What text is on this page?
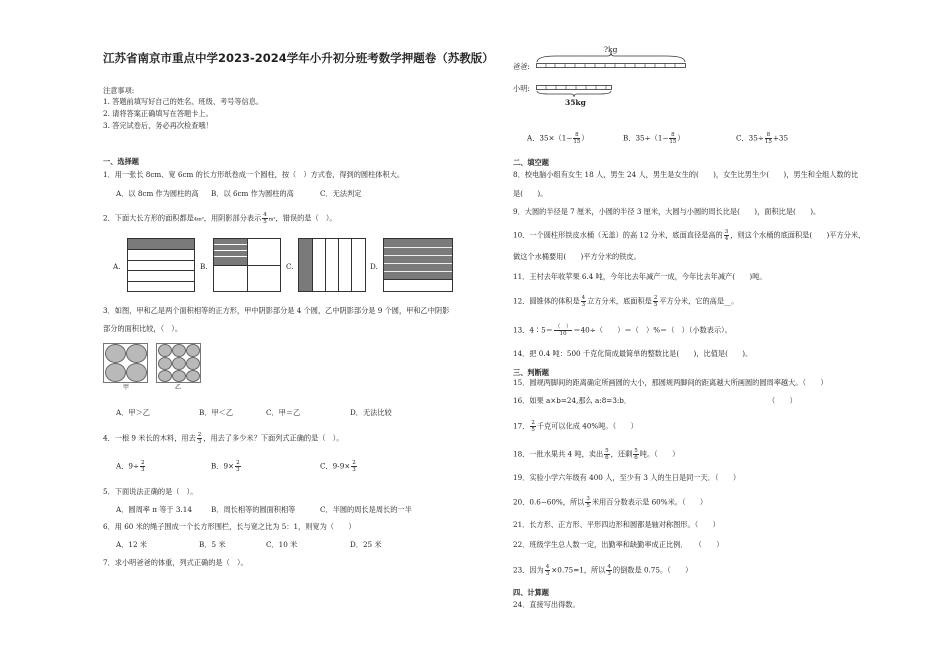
江苏省南京市重点中学2023-2024学年小升初分班考数学押题卷（苏教版）
注意事项:
1. 答题前填写好自己的姓名、班级、考号等信息。
2. 请将答案正确填写在答题卡上。
3. 答完试卷后，务必再次检查哦！
一、选择题
1．用一张长 8cm、宽 6cm 的长方形纸卷成一个圆柱，按（　）方式卷，得到的圆柱体积大。
A．以 8cm 作为圆柱的高 B．以 6cm 作为圆柱的高	C．无法判定
2．下面大长方形的面积都是4m²，用阴影部分表示 $\frac{4}{5} m^2$，错误的是（　）。
A.	B.	C.	D.
3．如图，甲和乙是两个面积相等的正方形，甲中阴影部分是 4 个圆，乙中阴影部分是 9 个圆，甲和乙中阴影
部分的面积比较，（　）。
甲	乙
A．甲＞乙	B．甲＜乙	C．甲＝乙	D．无法比较
4．一根 9 米长的木料，用去 $\frac{2}{3}$ ，用去了多少米？下面列式正确的是（　）。
A．$9\div \frac{2}{3}$	B．$9\times \frac{2}{3}$	C．$9-9\times \frac{2}{3}$
5．下面说法正确的是（　）。
A．圆周率 π 等于 3.14	B．周长相等的圆面积相等	C．半圆的周长是周长的一半
6．用 60 米的绳子围成一个长方形围栏，长与宽之比为 5：1，则宽为（　　）
A．12 米	B．5 米	C．10 米	D．25 米
7．求小明爸爸的体重，列式正确的是（　）。
?kg
爸爸:
小明:
35kg
A．$35\times(1- \frac{8}{15}$ ）	B．$35\div(1- \frac{8}{15}$ ）	C．$35\div \frac{8}{15} +35$
二、填空题
8．校电脑小组有女生 18 人，男生 24 人，男生是女生的(　　)，女生比男生少(　　)，男生和全组人数的比
是(　　)。
9．大圆的半径是 7 厘米，小圆的半径 3 厘米，大圆与小圆的周长比是(　　)，面积比是(　　)。
10．一个圆柱形铁皮水桶（无盖）的高 12 分米，底面直径是高的 $\frac{3}{4}$ ，则这个水桶的底面积是(　　)平方分米，
做这个水桶要用(　　)平方分米的铁皮。
11．王村去年收苹果 6.4 吨，今年比去年减产一成，今年比去年减产(　　)吨。
12．圆锥体的体积是 $\frac{4}{3}$ 立方分米，底面积是 $\frac{2}{5}$ 平方分米，它的高是__。
13．4∶5＝ $\frac{( )}{10} =40\div$（　　）＝（　）%＝（　）（小数表示）。
14．把 0.4 吨：500 千克化简成最简单的整数比是(　　)，比值是(　　)。
三、判断题
15．圆规两脚间的距离确定所画圆的大小，那圆规两脚间的距离越大所画圆的圆周率越大。（　　）
16．如果 a×b=24,那么 a:8=3:b．	（　　）
17． $\frac{2}{5}$ 千克可以化成 40%吨。（　　）
18．一批水果共 4 吨，卖出 $\frac{5}{6}$ ，还剩 $\frac{5}{6}$ 吨。（　　）
19．实验小学六年级有 400 人，至少有 3 人的生日是同一天．（　　）
20．0.6−60%，所以 $\frac{3}{5}$ 米用百分数表示是 60%米。（　　）
21．长方形、正方形、平形四边形和圆都是轴对称图形。（　　）
22．班级学生总人数一定，出勤率和缺勤率成正比例．　　（　　）
23．因为 $\frac{4}{3} \times 0.75=1$，所以 $\frac{4}{3}$ 的倒数是 0.75。（　　）
四、计算题
24．直接写出得数。
